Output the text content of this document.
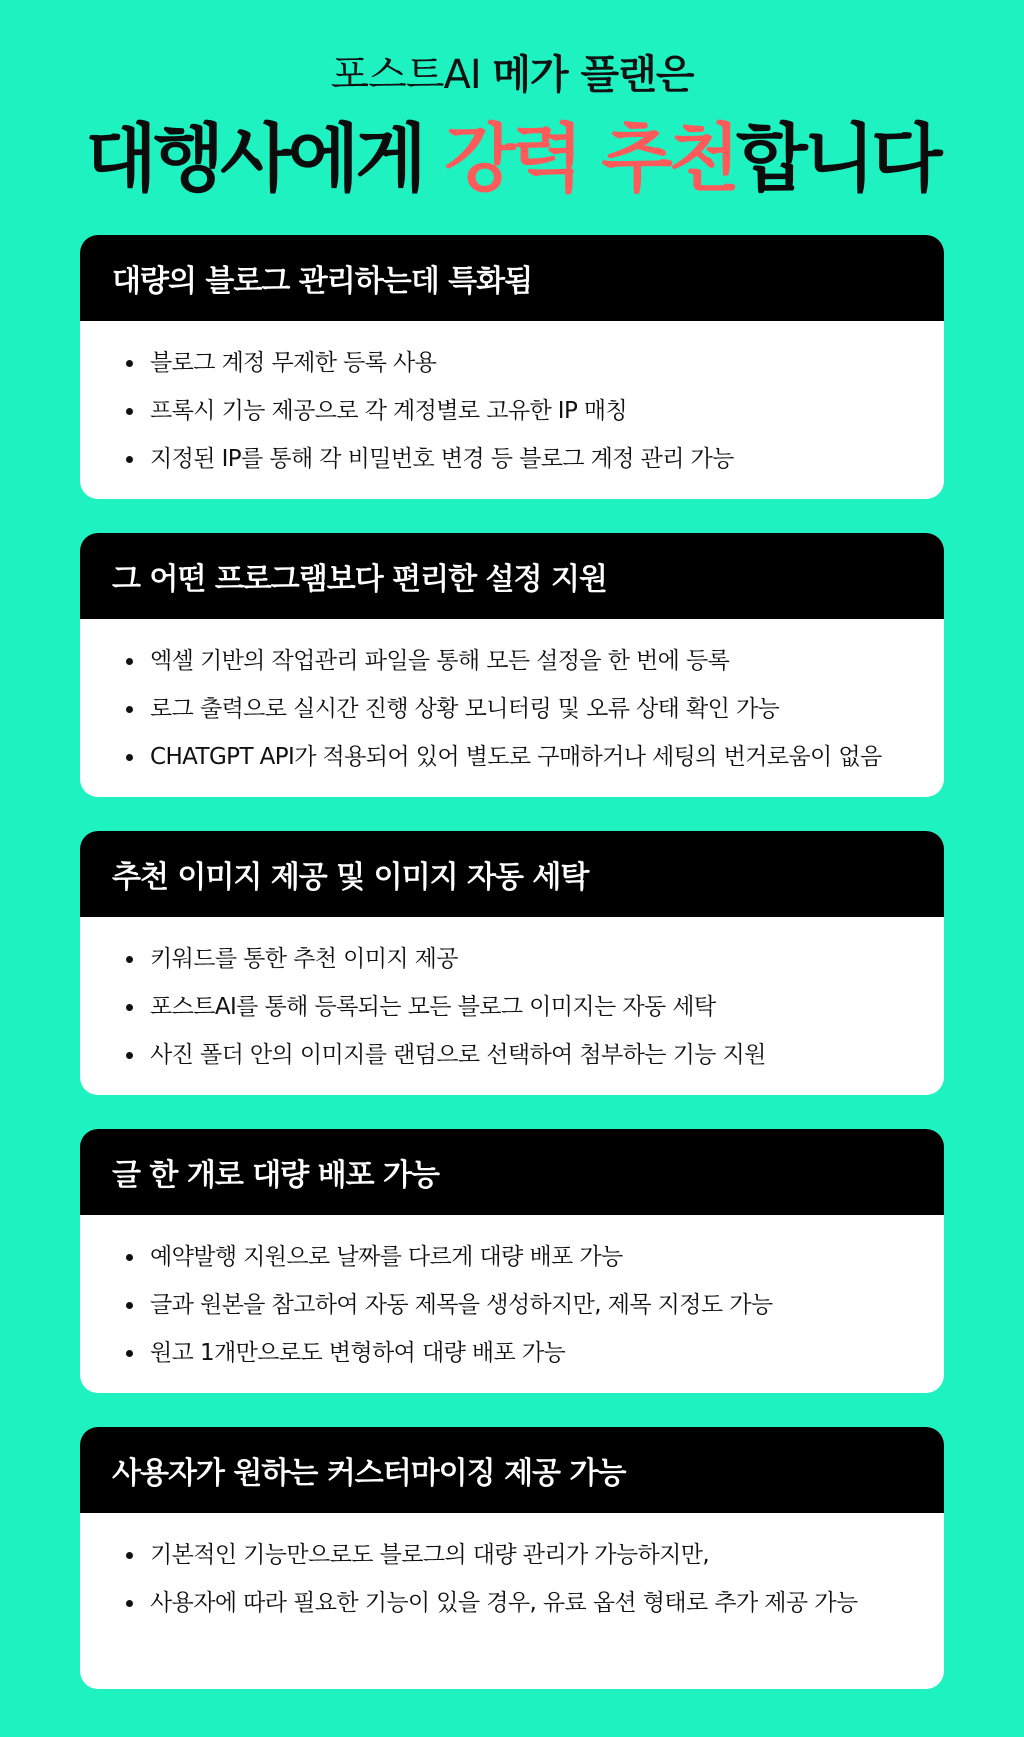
포스트AI 메가 플랜은
대행사에게 강력 추천합니다
대량의 블로그 관리하는데 특화됨
블로그 계정 무제한 등록 사용
프록시 기능 제공으로 각 계정별로 고유한 IP 매칭
지정된 IP를 통해 각 비밀번호 변경 등 블로그 계정 관리 가능
그 어떤 프로그램보다 편리한 설정 지원
엑셀 기반의 작업관리 파일을 통해 모든 설정을 한 번에 등록
로그 출력으로 실시간 진행 상황 모니터링 및 오류 상태 확인 가능
CHATGPT API가 적용되어 있어 별도로 구매하거나 세팅의 번거로움이 없음
추천 이미지 제공 및 이미지 자동 세탁
키워드를 통한 추천 이미지 제공
포스트AI를 통해 등록되는 모든 블로그 이미지는 자동 세탁
사진 폴더 안의 이미지를 랜덤으로 선택하여 첨부하는 기능 지원
글 한 개로 대량 배포 가능
예약발행 지원으로 날짜를 다르게 대량 배포 가능
글과 원본을 참고하여 자동 제목을 생성하지만, 제목 지정도 가능
원고 1개만으로도 변형하여 대량 배포 가능
사용자가 원하는 커스터마이징 제공 가능
기본적인 기능만으로도 블로그의 대량 관리가 가능하지만,
사용자에 따라 필요한 기능이 있을 경우, 유료 옵션 형태로 추가 제공 가능
